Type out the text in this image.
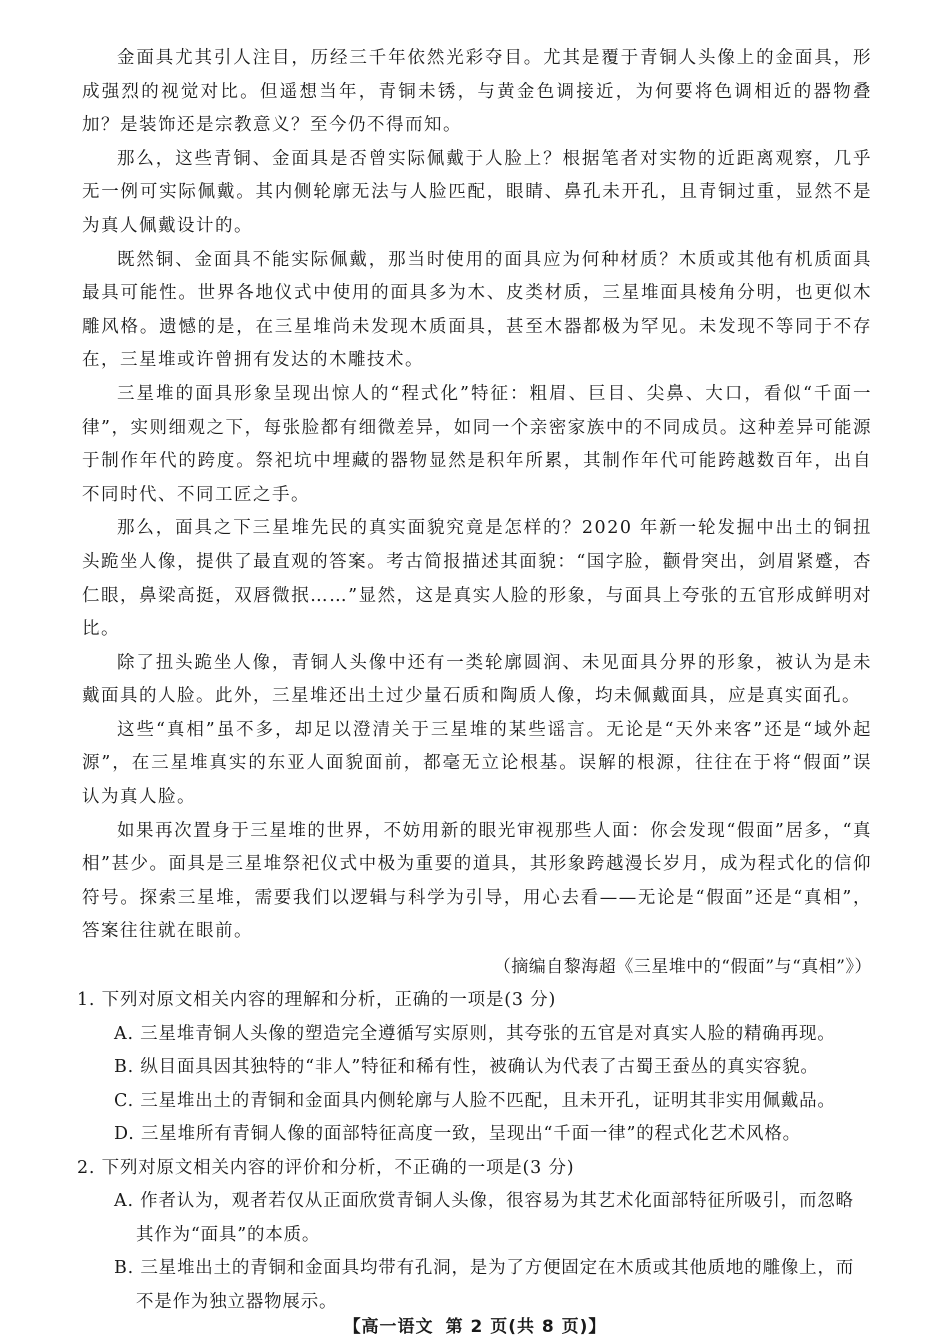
金面具尤其引人注目，历经三千年依然光彩夺目。尤其是覆于青铜人头像上的金面具，形成强烈的视觉对比。但遥想当年，青铜未锈，与黄金色调接近，为何要将色调相近的器物叠加？是装饰还是宗教意义？至今仍不得而知。

那么，这些青铜、金面具是否曾实际佩戴于人脸上？根据笔者对实物的近距离观察，几乎无一例可实际佩戴。其内侧轮廓无法与人脸匹配，眼睛、鼻孔未开孔，且青铜过重，显然不是为真人佩戴设计的。

既然铜、金面具不能实际佩戴，那当时使用的面具应为何种材质？木质或其他有机质面具最具可能性。世界各地仪式中使用的面具多为木、皮类材质，三星堆面具棱角分明，也更似木雕风格。遗憾的是，在三星堆尚未发现木质面具，甚至木器都极为罕见。未发现不等同于不存在，三星堆或许曾拥有发达的木雕技术。

三星堆的面具形象呈现出惊人的“程式化”特征：粗眉、巨目、尖鼻、大口，看似“千面一律”，实则细观之下，每张脸都有细微差异，如同一个亲密家族中的不同成员。这种差异可能源于制作年代的跨度。祭祀坑中埋藏的器物显然是积年所累，其制作年代可能跨越数百年，出自不同时代、不同工匠之手。

那么，面具之下三星堆先民的真实面貌究竟是怎样的？2020 年新一轮发掘中出土的铜扭头跪坐人像，提供了最直观的答案。考古简报描述其面貌：“国字脸，颧骨突出，剑眉紧蹙，杏仁眼，鼻梁高挺，双唇微抿……”显然，这是真实人脸的形象，与面具上夸张的五官形成鲜明对比。

除了扭头跪坐人像，青铜人头像中还有一类轮廓圆润、未见面具分界的形象，被认为是未戴面具的人脸。此外，三星堆还出土过少量石质和陶质人像，均未佩戴面具，应是真实面孔。

这些“真相”虽不多，却足以澄清关于三星堆的某些谣言。无论是“天外来客”还是“域外起源”，在三星堆真实的东亚人面貌面前，都毫无立论根基。误解的根源，往往在于将“假面”误认为真人脸。

如果再次置身于三星堆的世界，不妨用新的眼光审视那些人面：你会发现“假面”居多，“真相”甚少。面具是三星堆祭祀仪式中极为重要的道具，其形象跨越漫长岁月，成为程式化的信仰符号。探索三星堆，需要我们以逻辑与科学为引导，用心去看——无论是“假面”还是“真相”，答案往往就在眼前。

（摘编自黎海超《三星堆中的“假面”与“真相”》）

1. 下列对原文相关内容的理解和分析，正确的一项是(3 分)

A. 三星堆青铜人头像的塑造完全遵循写实原则，其夸张的五官是对真实人脸的精确再现。

B. 纵目面具因其独特的“非人”特征和稀有性，被确认为代表了古蜀王蚕丛的真实容貌。

C. 三星堆出土的青铜和金面具内侧轮廓与人脸不匹配，且未开孔，证明其非实用佩戴品。

D. 三星堆所有青铜人像的面部特征高度一致，呈现出“千面一律”的程式化艺术风格。

2. 下列对原文相关内容的评价和分析，不正确的一项是(3 分)

A. 作者认为，观者若仅从正面欣赏青铜人头像，很容易为其艺术化面部特征所吸引，而忽略其作为“面具”的本质。

B. 三星堆出土的青铜和金面具均带有孔洞，是为了方便固定在木质或其他质地的雕像上，而不是作为独立器物展示。

【高一语文 第 2 页(共 8 页)】
